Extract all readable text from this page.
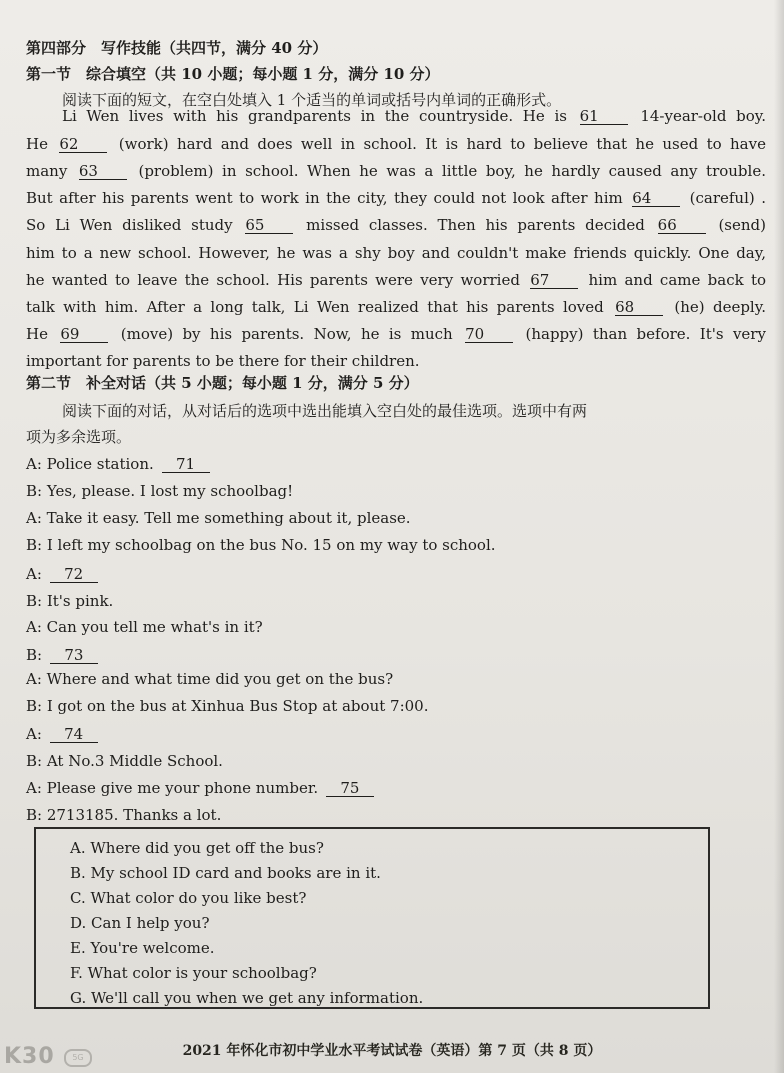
第四部分　写作技能（共四节，满分 40 分）
第一节　综合填空（共 10 小题；每小题 1 分，满分 10 分）
阅读下面的短文，在空白处填入 1 个适当的单词或括号内单词的正确形式。
Li Wen lives with his grandparents in the countryside. He is 61	14-year-old boy.
He 62	(work) hard and does well in school. It is hard to believe that he used to have
many 63	(problem) in school. When he was a little boy, he hardly caused any trouble.
But after his parents went to work in the city, they could not look after him 64	(careful) .
So Li Wen disliked study 65	missed classes. Then his parents decided 66	(send)
him to a new school. However, he was a shy boy and couldn't make friends quickly. One day,
he wanted to leave the school. His parents were very worried 67	him and came back to
talk with him. After a long talk, Li Wen realized that his parents loved 68	(he) deeply.
He 69	(move) by his parents. Now, he is much 70	(happy) than before. It's very
important for parents to be there for their children.
第二节　补全对话（共 5 小题；每小题 1 分，满分 5 分）
阅读下面的对话，从对话后的选项中选出能填入空白处的最佳选项。选项中有两
项为多余选项。
A: Police station. 71
B: Yes, please. I lost my schoolbag!
A: Take it easy. Tell me something about it, please.
B: I left my schoolbag on the bus No. 15 on my way to school.
A: 72
B: It's pink.
A: Can you tell me what's in it?
B: 73
A: Where and what time did you get on the bus?
B: I got on the bus at Xinhua Bus Stop at about 7:00.
A: 74
B: At No.3 Middle School.
A: Please give me your phone number. 75
B: 2713185. Thanks a lot.
A. Where did you get off the bus?
B. My school ID card and books are in it.
C. What color do you like best?
D. Can I help you?
E. You're welcome.
F. What color is your schoolbag?
G. We'll call you when we get any information.
2021 年怀化市初中学业水平考试试卷（英语）第 7 页（共 8 页）
K30	5G
